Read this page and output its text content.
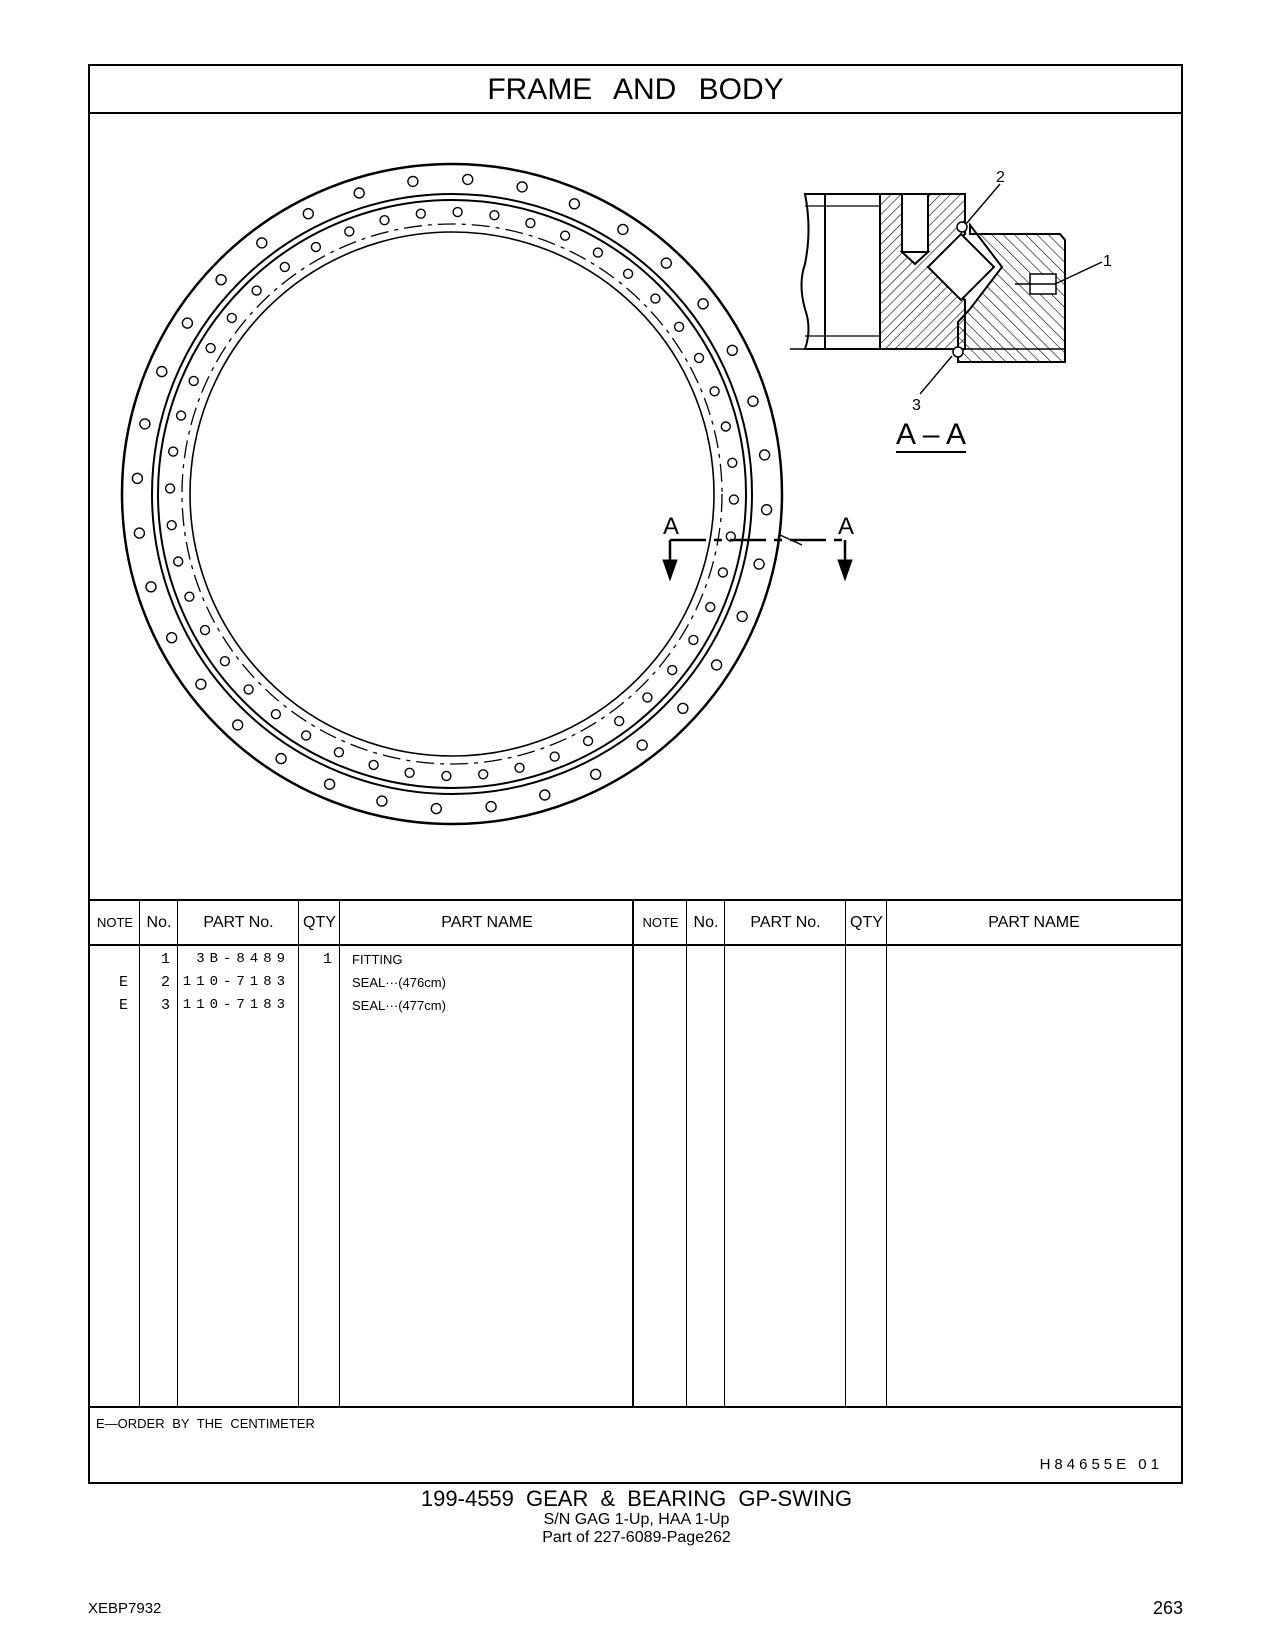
FRAME AND BODY
A	A
2
1
3
A – A
NOTE No.	PART No.	QTY	PART NAME	NOTE No.	PART No.	QTY	PART NAME
1	3B-8489	1	FITTING
E	2 110-7183	SEAL···(476cm)
E	3 110-7183	SEAL···(477cm)
E—ORDER BY THE CENTIMETER
H84655E 01
199-4559 GEAR & BEARING GP-SWING
S/N GAG 1-Up, HAA 1-Up
Part of 227-6089-Page262
XEBP7932	263
